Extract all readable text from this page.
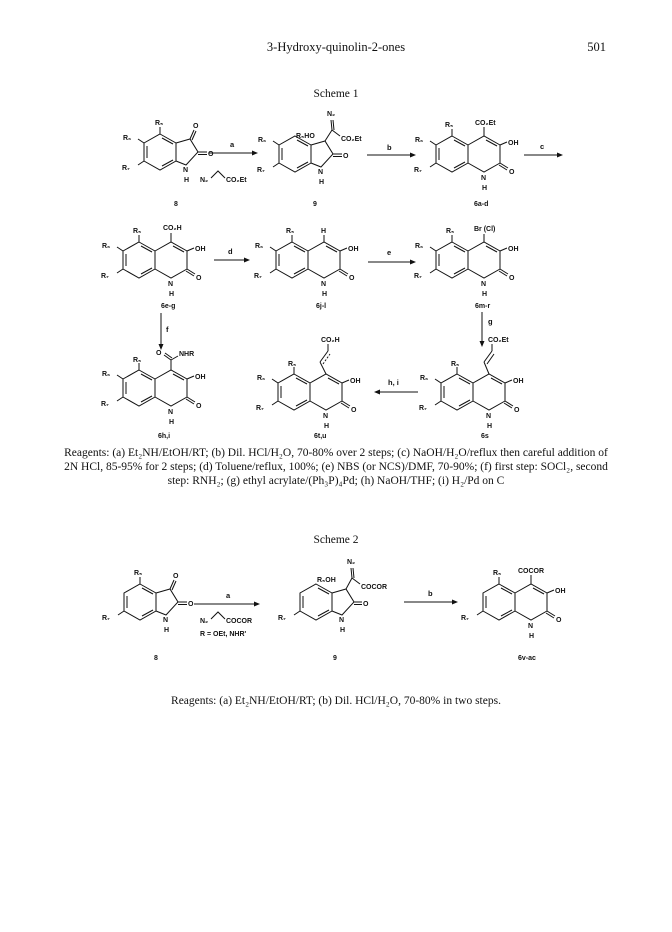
3-Hydroxy-quinolin-2-ones	501
Scheme 1
R₅
R₆
R₇
O
O
N
H
8
a
N₂	CO₂Et
R₅HO
N₂
CO₂Et
O
R₆
R₇	N
H
9
b
R₅	CO₂Et
OH
O
R₆
R₇
N
H
6a-d
c
R₅	CO₂H
OH
O
R₆
R₇
N
H
6e-g
d
R₅	H
OH
O
R₆
R₇
N
H
6j-l
e
R₅	Br (Cl)
OH
O
R₆
R₇
N
H
6m-r
f
g
O	NHR
R₅
OH
O
R₆
R₇
N
H
6h,i
CO₂H
R₅
OH
O
R₆
R₇
N
H
6t,u
h, i
CO₂Et
R₅
OH
O
R₆
R₇
N
H
6s
Reagents: (a) Et₂NH/EtOH/RT; (b) Dil. HCl/H₂O, 70-80% over 2 steps; (c) NaOH/H₂O/reflux then careful addition of 2N HCl, 85-95% for 2 steps; (d) Toluene/reflux, 100%; (e) NBS (or NCS)/DMF, 70-90%; (f) first step: SOCl₂, second step: RNH₂; (g) ethyl acrylate/(Ph₃P)₄Pd; (h) NaOH/THF; (i) H₂/Pd on C
Scheme 2
R₅	O
O
R₇	N
H
8
a
N₂	COCOR
R = OEt, NHR'
R₅OH
N₂
COCOR
O
R₇	N
H
9
b
R₅ COCOR
OH
O
R₇
N
H
6v-ac
Reagents: (a) Et₂NH/EtOH/RT; (b) Dil. HCl/H₂O, 70-80% in two steps.
